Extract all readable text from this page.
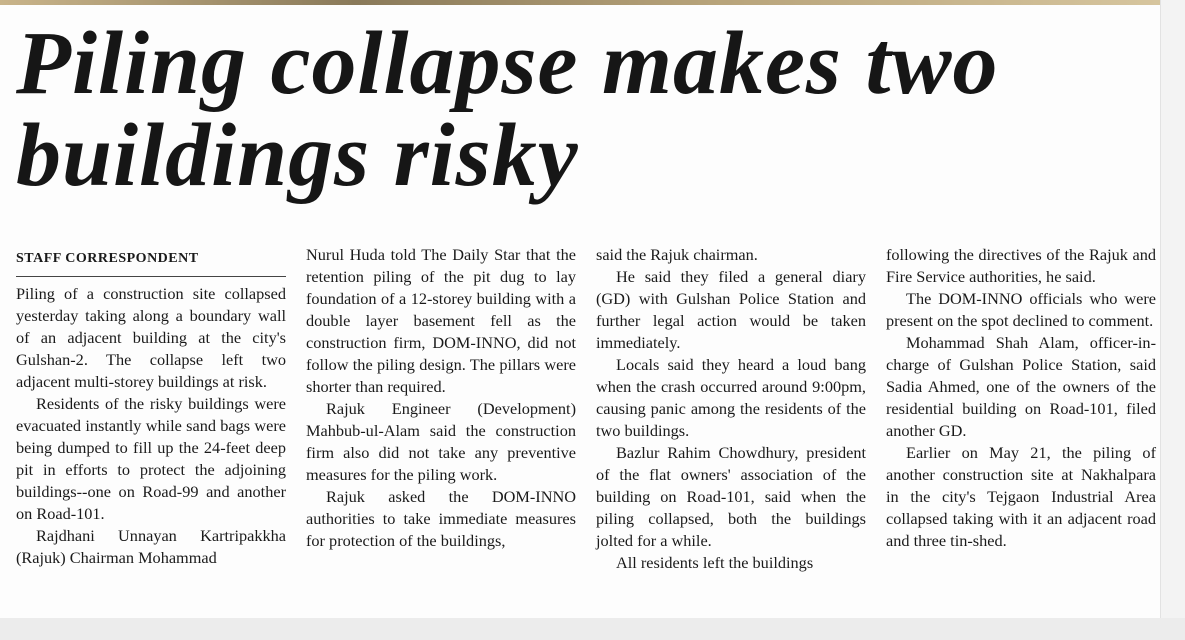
Piling collapse makes two buildings risky
STAFF CORRESPONDENT

Piling of a construction site collapsed yesterday taking along a boundary wall of an adjacent building at the city's Gulshan-2. The collapse left two adjacent multi-storey buildings at risk.

Residents of the risky buildings were evacuated instantly while sand bags were being dumped to fill up the 24-feet deep pit in efforts to protect the adjoining buildings--one on Road-99 and another on Road-101.

Rajdhani Unnayan Kartripakkha (Rajuk) Chairman Mohammad

Nurul Huda told The Daily Star that the retention piling of the pit dug to lay foundation of a 12-storey building with a double layer basement fell as the construction firm, DOM-INNO, did not follow the piling design. The pillars were shorter than required.

Rajuk Engineer (Development) Mahbub-ul-Alam said the construction firm also did not take any preventive measures for the piling work.

Rajuk asked the DOM-INNO authorities to take immediate measures for protection of the buildings,

said the Rajuk chairman.

He said they filed a general diary (GD) with Gulshan Police Station and further legal action would be taken immediately.

Locals said they heard a loud bang when the crash occurred around 9:00pm, causing panic among the residents of the two buildings.

Bazlur Rahim Chowdhury, president of the flat owners' association of the building on Road-101, said when the piling collapsed, both the buildings jolted for a while.

All residents left the buildings

following the directives of the Rajuk and Fire Service authorities, he said.

The DOM-INNO officials who were present on the spot declined to comment.

Mohammad Shah Alam, officer-in-charge of Gulshan Police Station, said Sadia Ahmed, one of the owners of the residential building on Road-101, filed another GD.

Earlier on May 21, the piling of another construction site at Nakhalpara in the city's Tejgaon Industrial Area collapsed taking with it an adjacent road and three tin-shed.
